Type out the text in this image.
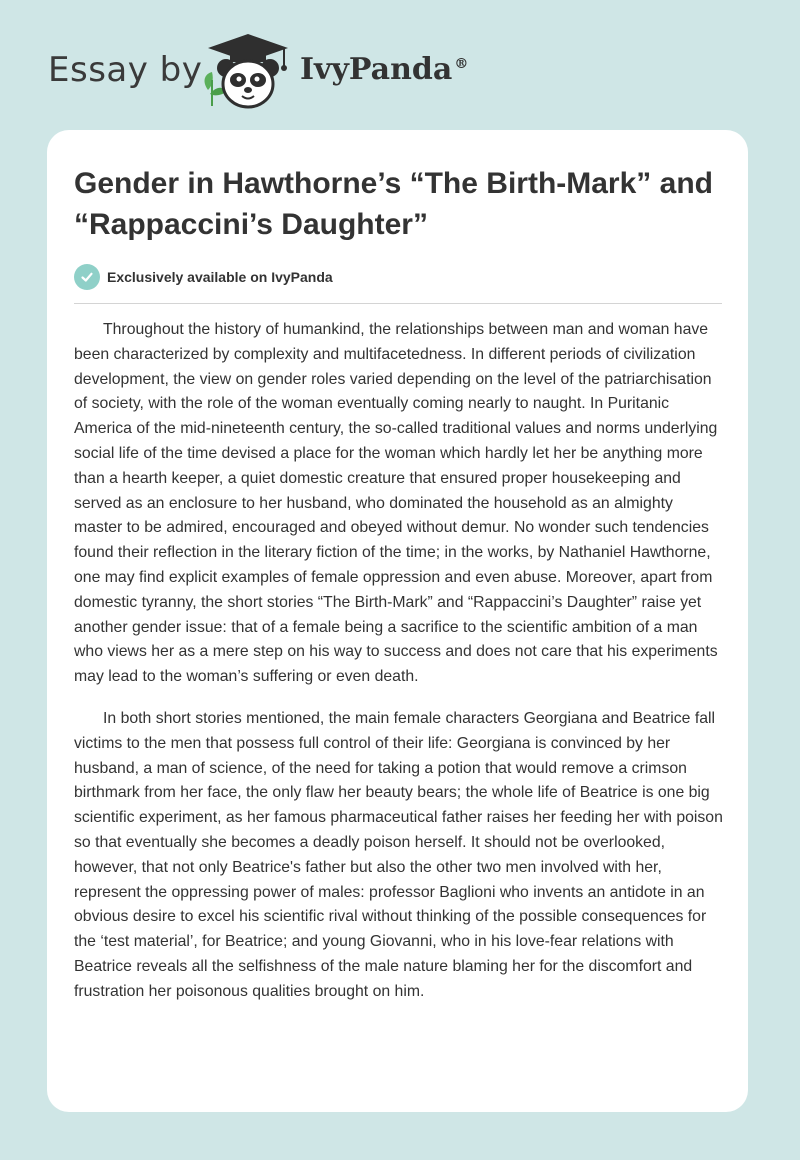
Essay by	IvyPanda ®
Gender in Hawthorne’s “The Birth-Mark” and “Rappaccini’s Daughter”
Exclusively available on IvyPanda

Throughout the history of humankind, the relationships between man and woman have been characterized by complexity and multifacetedness. In different periods of civilization development, the view on gender roles varied depending on the level of the patriarchisation of society, with the role of the woman eventually coming nearly to naught. In Puritanic America of the mid-nineteenth century, the so-called traditional values and norms underlying social life of the time devised a place for the woman which hardly let her be anything more than a hearth keeper, a quiet domestic creature that ensured proper housekeeping and served as an enclosure to her husband, who dominated the household as an almighty master to be admired, encouraged and obeyed without demur. No wonder such tendencies found their reflection in the literary fiction of the time; in the works, by Nathaniel Hawthorne, one may find explicit examples of female oppression and even abuse. Moreover, apart from domestic tyranny, the short stories “The Birth-Mark” and “Rappaccini’s Daughter” raise yet another gender issue: that of a female being a sacrifice to the scientific ambition of a man who views her as a mere step on his way to success and does not care that his experiments may lead to the woman’s suffering or even death.

In both short stories mentioned, the main female characters Georgiana and Beatrice fall victims to the men that possess full control of their life: Georgiana is convinced by her husband, a man of science, of the need for taking a potion that would remove a crimson birthmark from her face, the only flaw her beauty bears; the whole life of Beatrice is one big scientific experiment, as her famous pharmaceutical father raises her feeding her with poison so that eventually she becomes a deadly poison herself. It should not be overlooked, however, that not only Beatrice's father but also the other two men involved with her, represent the oppressing power of males: professor Baglioni who invents an antidote in an obvious desire to excel his scientific rival without thinking of the possible consequences for the ‘test material’, for Beatrice; and young Giovanni, who in his love-fear relations with Beatrice reveals all the selfishness of the male nature blaming her for the discomfort and frustration her poisonous qualities brought on him.
